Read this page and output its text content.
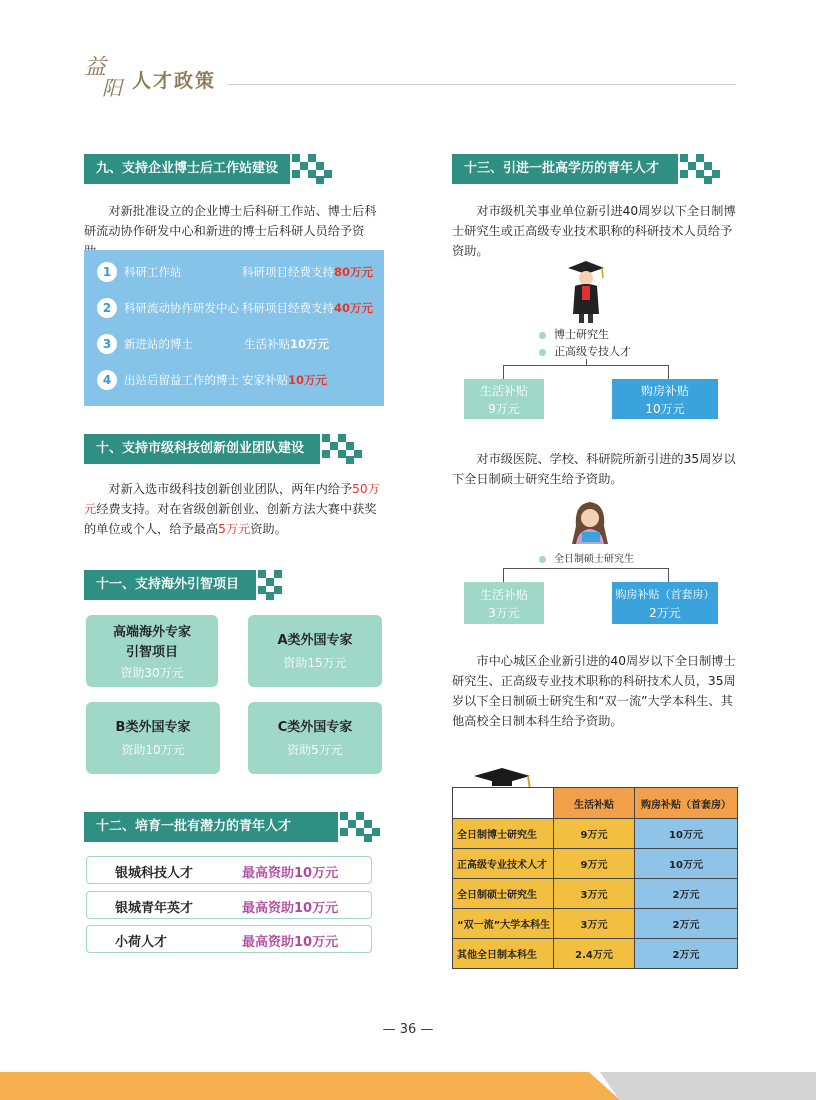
益
阳 人才政策
九、支持企业博士后工作站建设
对新批准设立的企业博士后科研工作站、博士后科研流动协作研发中心和新进的博士后科研人员给予资
1	科研工作站	科研项目经费支持80万元
2	科研流动协作研发中心 科研项目经费支持40万元
3	新进站的博士	生活补贴10万元
4	出站后留益工作的博士 安家补贴10万元
十、支持市级科技创新创业团队建设
对新入选市级科技创新创业团队，两年内给予50万元经费支持。对在省级创新创业、创新方法大赛中获奖的单位或个人，给予最高5万元资助。
十一、支持海外引智项目
高端海外专家
引智项目
资助30万元
A类外国专家
资助15万元
B类外国专家
资助10万元
C类外国专家
资助5万元
十二、培育一批有潜力的青年人才
银城科技人才	最高资助10万元
银城青年英才	最高资助10万元
小荷人才	最高资助10万元
十三、引进一批高学历的青年人才
对市级机关事业单位新引进40周岁以下全日制博士研究生或正高级专业技术职称的科研技术人员给予资助。
博士研究生
正高级专技人才
生活补贴
9万元
购房补贴
10万元
对市级医院、学校、科研院所新引进的35周岁以下全日制硕士研究生给予资助。
全日制硕士研究生
生活补贴
3万元
购房补贴（首套房）
2万元
市中心城区企业新引进的40周岁以下全日制博士研究生、正高级专业技术职称的科研技术人员，35周岁以下全日制硕士研究生和“双一流”大学本科生、其他高校全日制本科生给予资助。
	生活补贴	购房补贴（首套房）
全日制博士研究生	9万元	10万元
正高级专业技术人才	9万元	10万元
全日制硕士研究生	3万元	2万元
“双一流”大学本科生	3万元	2万元
其他全日制本科生	2.4万元	2万元
— 36 —
